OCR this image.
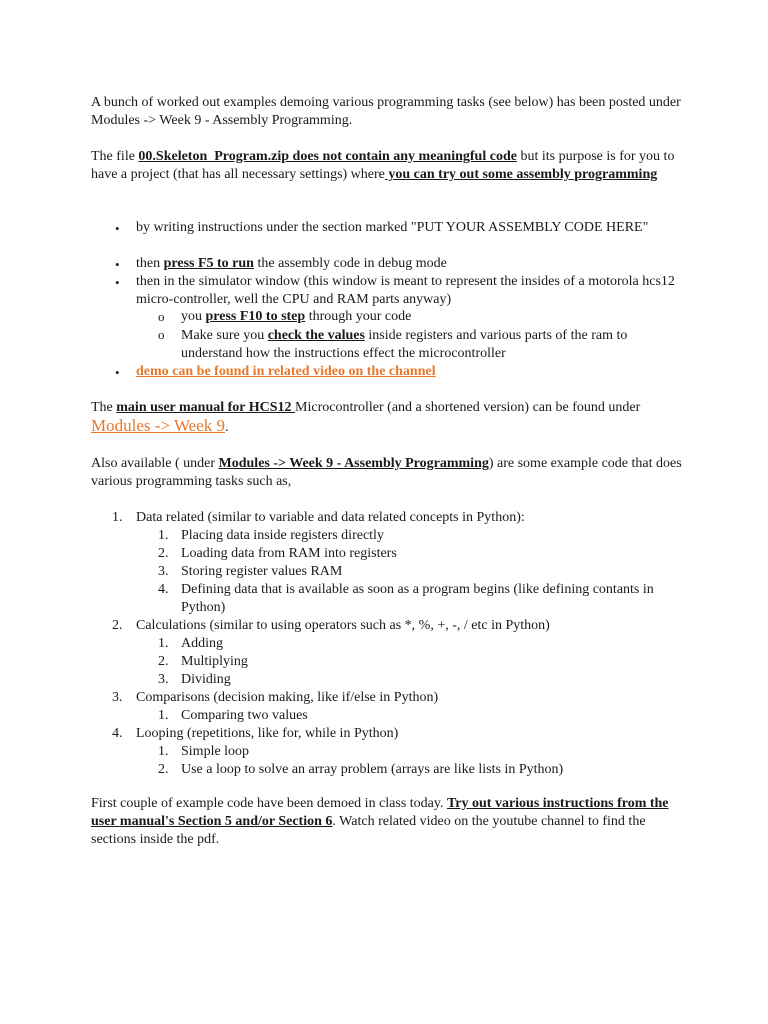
A bunch of worked out examples demoing various programming tasks (see below) has been posted under Modules -> Week 9 - Assembly Programming.

The file 00.Skeleton_Program.zip does not contain any meaningful code but its purpose is for you to have a project (that has all necessary settings) where you can try out some assembly programming

• by writing instructions under the section marked "PUT YOUR ASSEMBLY CODE HERE"
• then press F5 to run the assembly code in debug mode
• then in the simulator window (this window is meant to represent the insides of a motorola hcs12 micro-controller, well the CPU and RAM parts anyway)
o you press F10 to step through your code
o Make sure you check the values inside registers and various parts of the ram to understand how the instructions effect the microcontroller
• demo can be found in related video on the channel

The main user manual for HCS12 Microcontroller (and a shortened version) can be found under Modules -> Week 9.

Also available ( under Modules -> Week 9 - Assembly Programming) are some example code that does various programming tasks such as,

1. Data related (similar to variable and data related concepts in Python):
1. Placing data inside registers directly
2. Loading data from RAM into registers
3. Storing register values RAM
4. Defining data that is available as soon as a program begins (like defining contants in Python)
2. Calculations (similar to using operators such as *, %, +, -, / etc in Python)
1. Adding
2. Multiplying
3. Dividing
3. Comparisons (decision making, like if/else in Python)
1. Comparing two values
4. Looping (repetitions, like for, while in Python)
1. Simple loop
2. Use a loop to solve an array problem (arrays are like lists in Python)

First couple of example code have been demoed in class today. Try out various instructions from the user manual's Section 5 and/or Section 6. Watch related video on the youtube channel to find the sections inside the pdf.
